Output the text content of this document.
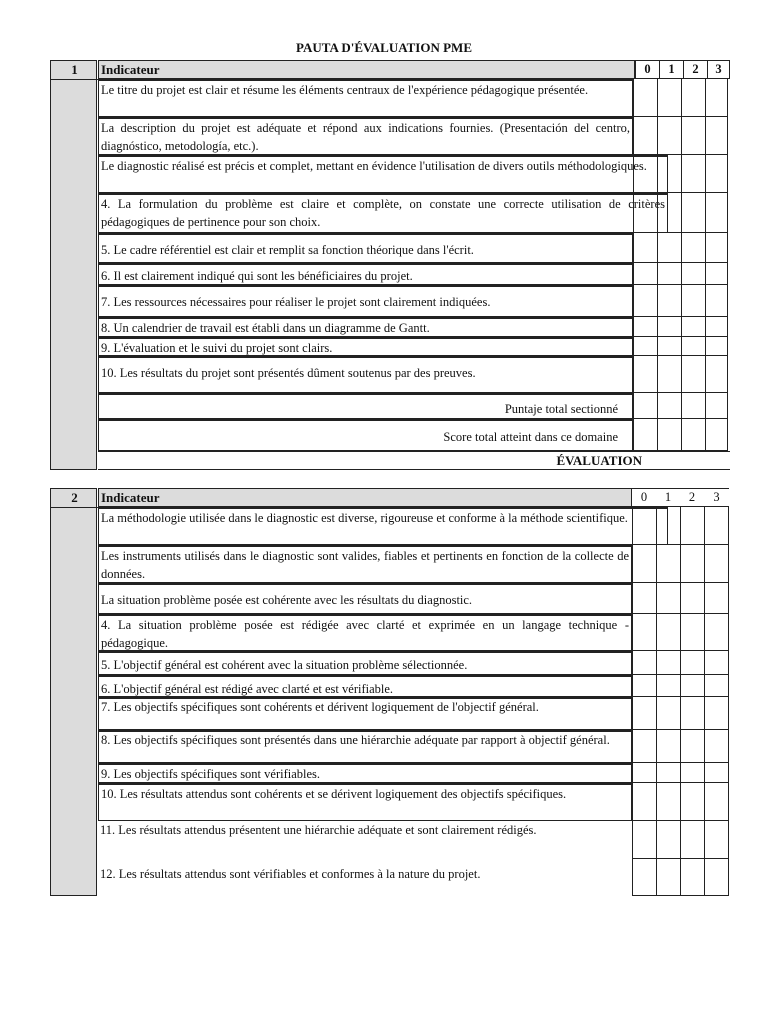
PAUTA D'ÉVALUATION PME
1	Indicateur	0	1	2	3
Le titre du projet est clair et résume les éléments centraux de l'expérience pédagogique présentée.
La description du projet est adéquate et répond aux indications fournies. (Presentación del centro, diagnóstico, metodología, etc.).
Le diagnostic réalisé est précis et complet, mettant en évidence l'utilisation de divers outils méthodologiques.
4. La formulation du problème est claire et complète, on constate une correcte utilisation de critères pédagogiques de pertinence pour son choix.
5. Le cadre référentiel est clair et remplit sa fonction théorique dans l'écrit.
6. Il est clairement indiqué qui sont les bénéficiaires du projet.
7. Les ressources nécessaires pour réaliser le projet sont clairement indiquées.
8. Un calendrier de travail est établi dans un diagramme de Gantt.
9. L'évaluation et le suivi du projet sont clairs.
10. Les résultats du projet sont présentés dûment soutenus par des preuves.
Puntaje total sectionné
Score total atteint dans ce domaine
ÉVALUATION
2	Indicateur	0	1	2	3
La méthodologie utilisée dans le diagnostic est diverse, rigoureuse et conforme à la méthode scientifique.
Les instruments utilisés dans le diagnostic sont valides, fiables et pertinents en fonction de la collecte de données.
La situation problème posée est cohérente avec les résultats du diagnostic.
4. La situation problème posée est rédigée avec clarté et exprimée en un langage technique - pédagogique.
5. L'objectif général est cohérent avec la situation problème sélectionnée.
6. L'objectif général est rédigé avec clarté et est vérifiable.
7. Les objectifs spécifiques sont cohérents et dérivent logiquement de l'objectif général.
8. Les objectifs spécifiques sont présentés dans une hiérarchie adéquate par rapport à objectif général.
9. Les objectifs spécifiques sont vérifiables.
10. Les résultats attendus sont cohérents et se dérivent logiquement des objectifs spécifiques.
11. Les résultats attendus présentent une hiérarchie adéquate et sont clairement rédigés.
12. Les résultats attendus sont vérifiables et conformes à la nature du projet.
